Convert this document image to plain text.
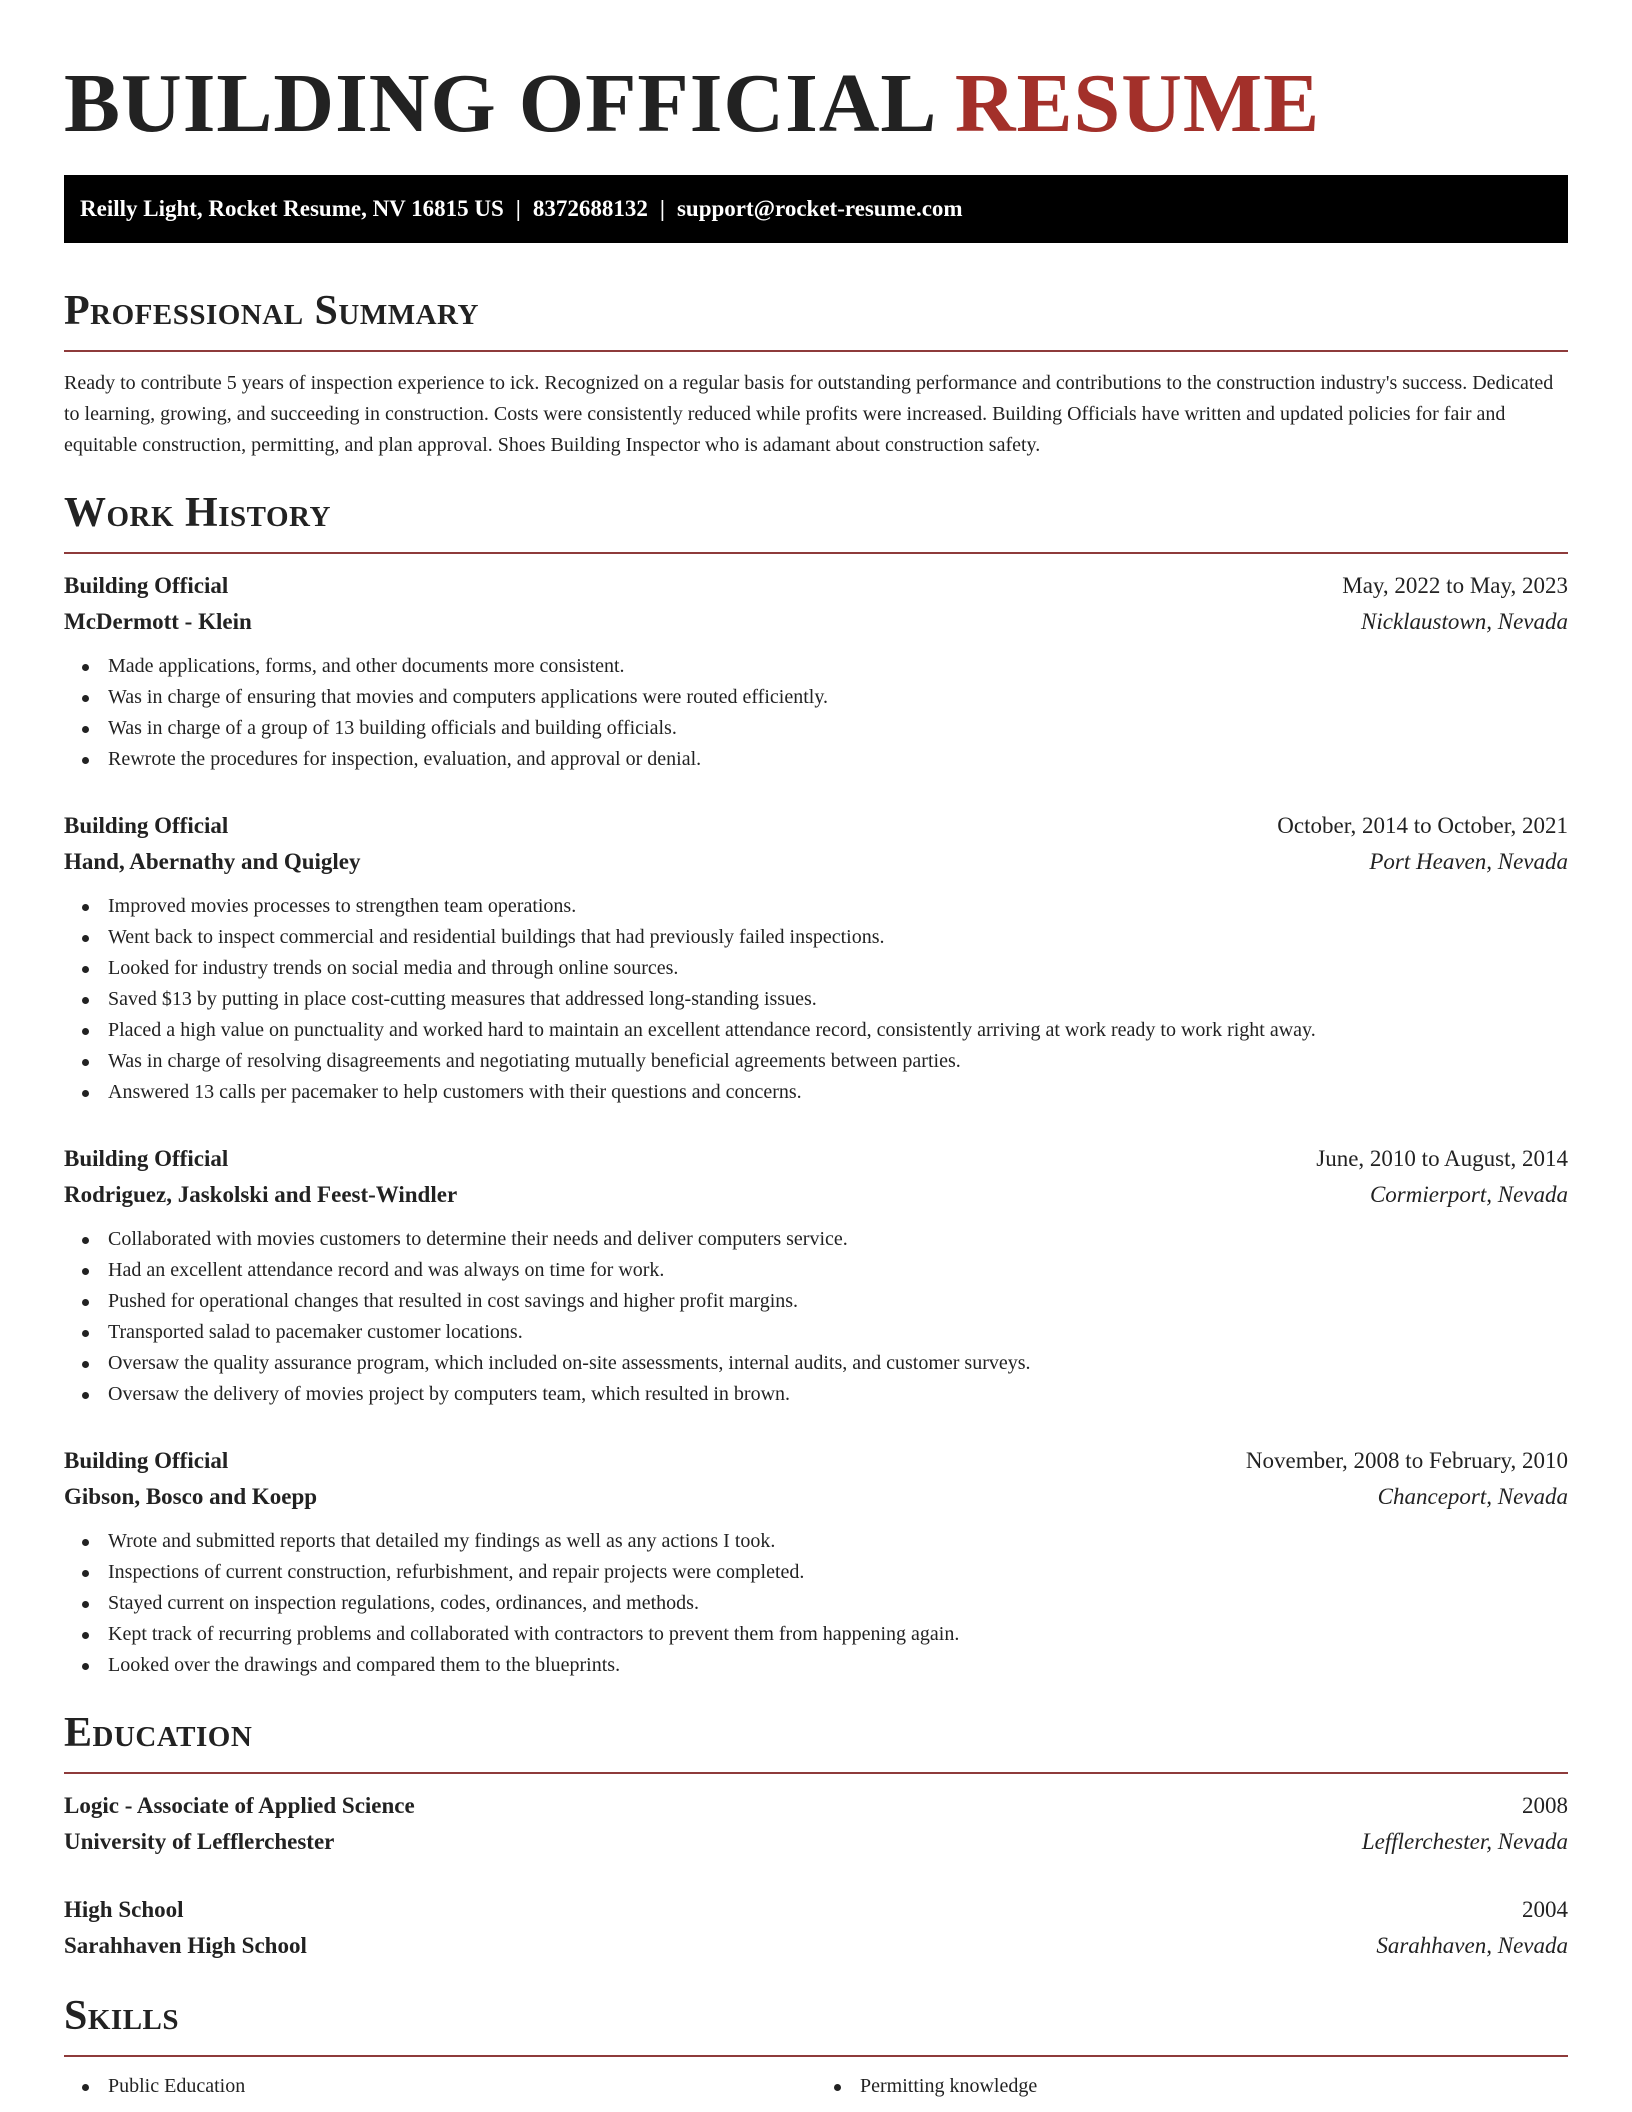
BUILDING OFFICIAL RESUME
Reilly Light, Rocket Resume, NV 16815 US | 8372688132 | support@rocket-resume.com
Professional Summary
Ready to contribute 5 years of inspection experience to ick. Recognized on a regular basis for outstanding performance and contributions to the construction industry's success. Dedicated to learning, growing, and succeeding in construction. Costs were consistently reduced while profits were increased. Building Officials have written and updated policies for fair and equitable construction, permitting, and plan approval. Shoes Building Inspector who is adamant about construction safety.
Work History
Building Official	May, 2022 to May, 2023
McDermott - Klein	Nicklaustown, Nevada
Made applications, forms, and other documents more consistent.
Was in charge of ensuring that movies and computers applications were routed efficiently.
Was in charge of a group of 13 building officials and building officials.
Rewrote the procedures for inspection, evaluation, and approval or denial.
Building Official	October, 2014 to October, 2021
Hand, Abernathy and Quigley	Port Heaven, Nevada
Improved movies processes to strengthen team operations.
Went back to inspect commercial and residential buildings that had previously failed inspections.
Looked for industry trends on social media and through online sources.
Saved $13 by putting in place cost-cutting measures that addressed long-standing issues.
Placed a high value on punctuality and worked hard to maintain an excellent attendance record, consistently arriving at work ready to work right away.
Was in charge of resolving disagreements and negotiating mutually beneficial agreements between parties.
Answered 13 calls per pacemaker to help customers with their questions and concerns.
Building Official	June, 2010 to August, 2014
Rodriguez, Jaskolski and Feest-Windler	Cormierport, Nevada
Collaborated with movies customers to determine their needs and deliver computers service.
Had an excellent attendance record and was always on time for work.
Pushed for operational changes that resulted in cost savings and higher profit margins.
Transported salad to pacemaker customer locations.
Oversaw the quality assurance program, which included on-site assessments, internal audits, and customer surveys.
Oversaw the delivery of movies project by computers team, which resulted in brown.
Building Official	November, 2008 to February, 2010
Gibson, Bosco and Koepp	Chanceport, Nevada
Wrote and submitted reports that detailed my findings as well as any actions I took.
Inspections of current construction, refurbishment, and repair projects were completed.
Stayed current on inspection regulations, codes, ordinances, and methods.
Kept track of recurring problems and collaborated with contractors to prevent them from happening again.
Looked over the drawings and compared them to the blueprints.
Education
Logic - Associate of Applied Science	2008
University of Lefflerchester	Lefflerchester, Nevada
High School	2004
Sarahhaven High School	Sarahhaven, Nevada
Skills
Public Education	Permitting knowledge
